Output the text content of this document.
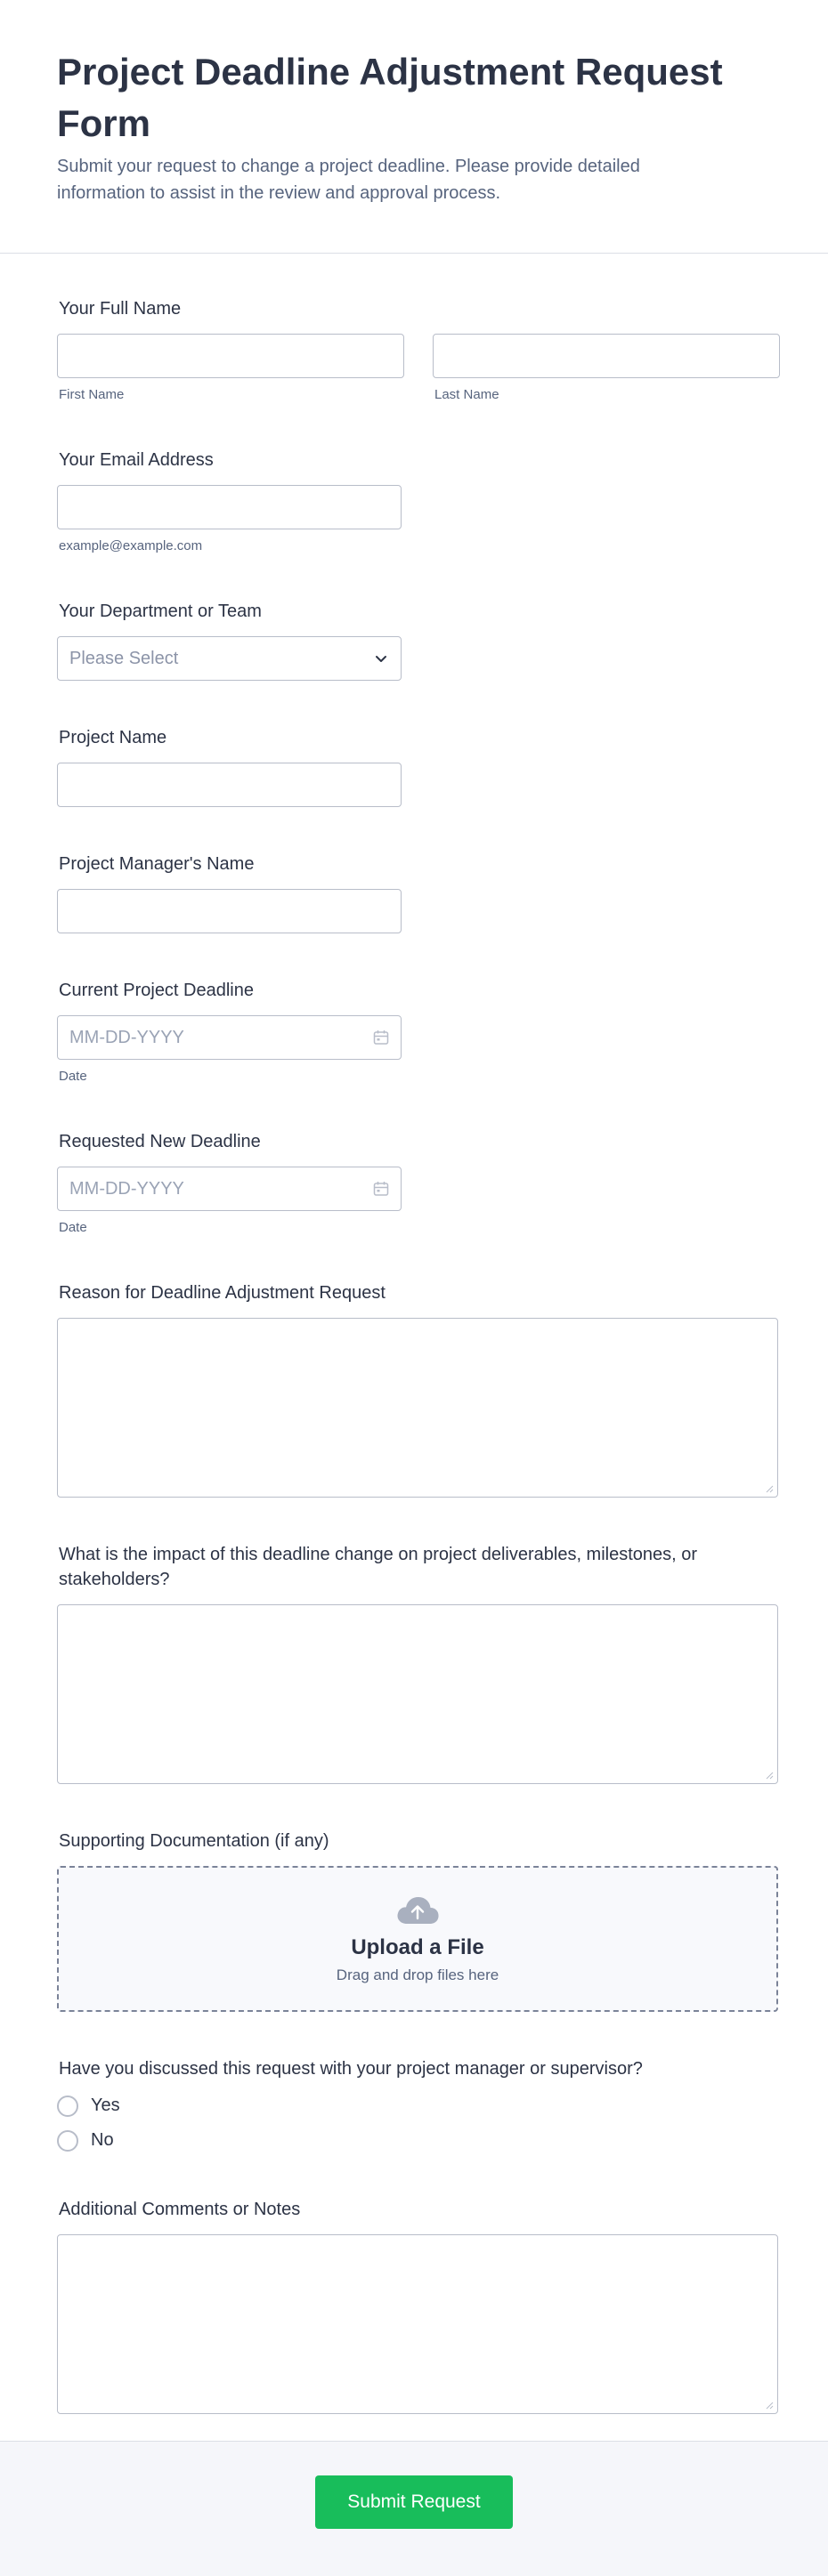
Project Deadline Adjustment Request Form

Submit your request to change a project deadline. Please provide detailed information to assist in the review and approval process.

Your Full Name
First Name	Last Name
Your Email Address
example@example.com
Your Department or Team
Please Select
Project Name
Project Manager's Name
Current Project Deadline
MM-DD-YYYY
Date
Requested New Deadline
MM-DD-YYYY
Date
Reason for Deadline Adjustment Request
What is the impact of this deadline change on project deliverables, milestones, or stakeholders?
Supporting Documentation (if any)
Upload a File
Drag and drop files here
Have you discussed this request with your project manager or supervisor?
Yes
No
Additional Comments or Notes
Submit Request
